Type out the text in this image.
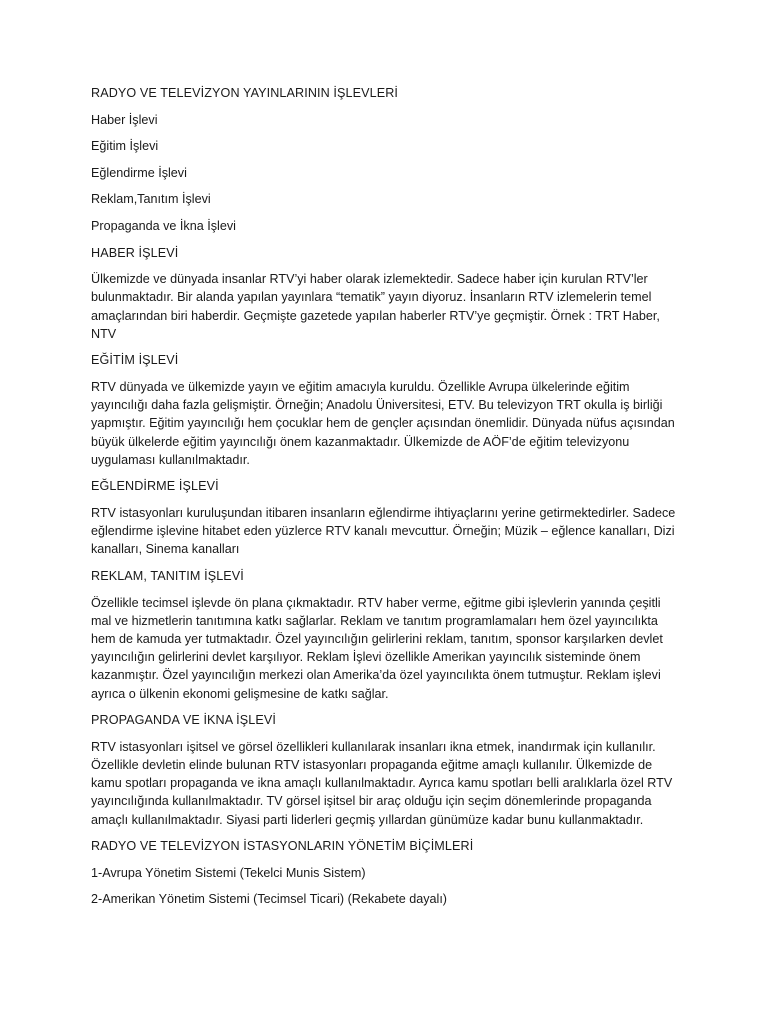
RADYO VE TELEVİZYON YAYINLARININ İŞLEVLERİ

Haber İşlevi

Eğitim İşlevi

Eğlendirme İşlevi

Reklam,Tanıtım İşlevi

Propaganda ve İkna İşlevi

HABER İŞLEVİ

Ülkemizde ve dünyada insanlar RTV’yi haber olarak izlemektedir. Sadece haber için kurulan RTV’ler bulunmaktadır. Bir alanda yapılan yayınlara “tematik” yayın diyoruz. İnsanların RTV izlemelerin temel amaçlarından biri haberdir. Geçmişte gazetede yapılan haberler RTV’ye geçmiştir. Örnek : TRT Haber, NTV

EĞİTİM İŞLEVİ

RTV dünyada ve ülkemizde yayın ve eğitim amacıyla kuruldu. Özellikle Avrupa ülkelerinde eğitim yayıncılığı daha fazla gelişmiştir. Örneğin; Anadolu Üniversitesi, ETV. Bu televizyon TRT okulla iş birliği yapmıştır. Eğitim yayıncılığı hem çocuklar hem de gençler açısından önemlidir. Dünyada nüfus açısından büyük ülkelerde eğitim yayıncılığı önem kazanmaktadır. Ülkemizde de AÖF’de eğitim televizyonu uygulaması kullanılmaktadır.

EĞLENDİRME İŞLEVİ

RTV istasyonları kuruluşundan itibaren insanların eğlendirme ihtiyaçlarını yerine getirmektedirler. Sadece eğlendirme işlevine hitabet eden yüzlerce RTV kanalı mevcuttur. Örneğin; Müzik – eğlence kanalları, Dizi kanalları, Sinema kanalları

REKLAM, TANITIM İŞLEVİ

Özellikle tecimsel işlevde ön plana çıkmaktadır. RTV haber verme, eğitme gibi işlevlerin yanında çeşitli mal ve hizmetlerin tanıtımına katkı sağlarlar. Reklam ve tanıtım programlamaları hem özel yayıncılıkta hem de kamuda yer tutmaktadır. Özel yayıncılığın gelirlerini reklam, tanıtım, sponsor karşılarken devlet yayıncılığın gelirlerini devlet karşılıyor. Reklam İşlevi özellikle Amerikan yayıncılık sisteminde önem kazanmıştır. Özel yayıncılığın merkezi olan Amerika’da özel yayıncılıkta önem tutmuştur. Reklam işlevi ayrıca o ülkenin ekonomi gelişmesine de katkı sağlar.

PROPAGANDA VE İKNA İŞLEVİ

RTV istasyonları işitsel ve görsel özellikleri kullanılarak insanları ikna etmek, inandırmak için kullanılır. Özellikle devletin elinde bulunan RTV istasyonları propaganda eğitme amaçlı kullanılır. Ülkemizde de kamu spotları propaganda ve ikna amaçlı kullanılmaktadır. Ayrıca kamu spotları belli aralıklarla özel RTV yayıncılığında kullanılmaktadır. TV görsel işitsel bir araç olduğu için seçim dönemlerinde propaganda amaçlı kullanılmaktadır. Siyasi parti liderleri geçmiş yıllardan günümüze kadar bunu kullanmaktadır.

RADYO VE TELEVİZYON İSTASYONLARIN YÖNETİM BİÇİMLERİ

1-Avrupa Yönetim Sistemi (Tekelci Munis Sistem)

2-Amerikan Yönetim Sistemi (Tecimsel Ticari) (Rekabete dayalı)
